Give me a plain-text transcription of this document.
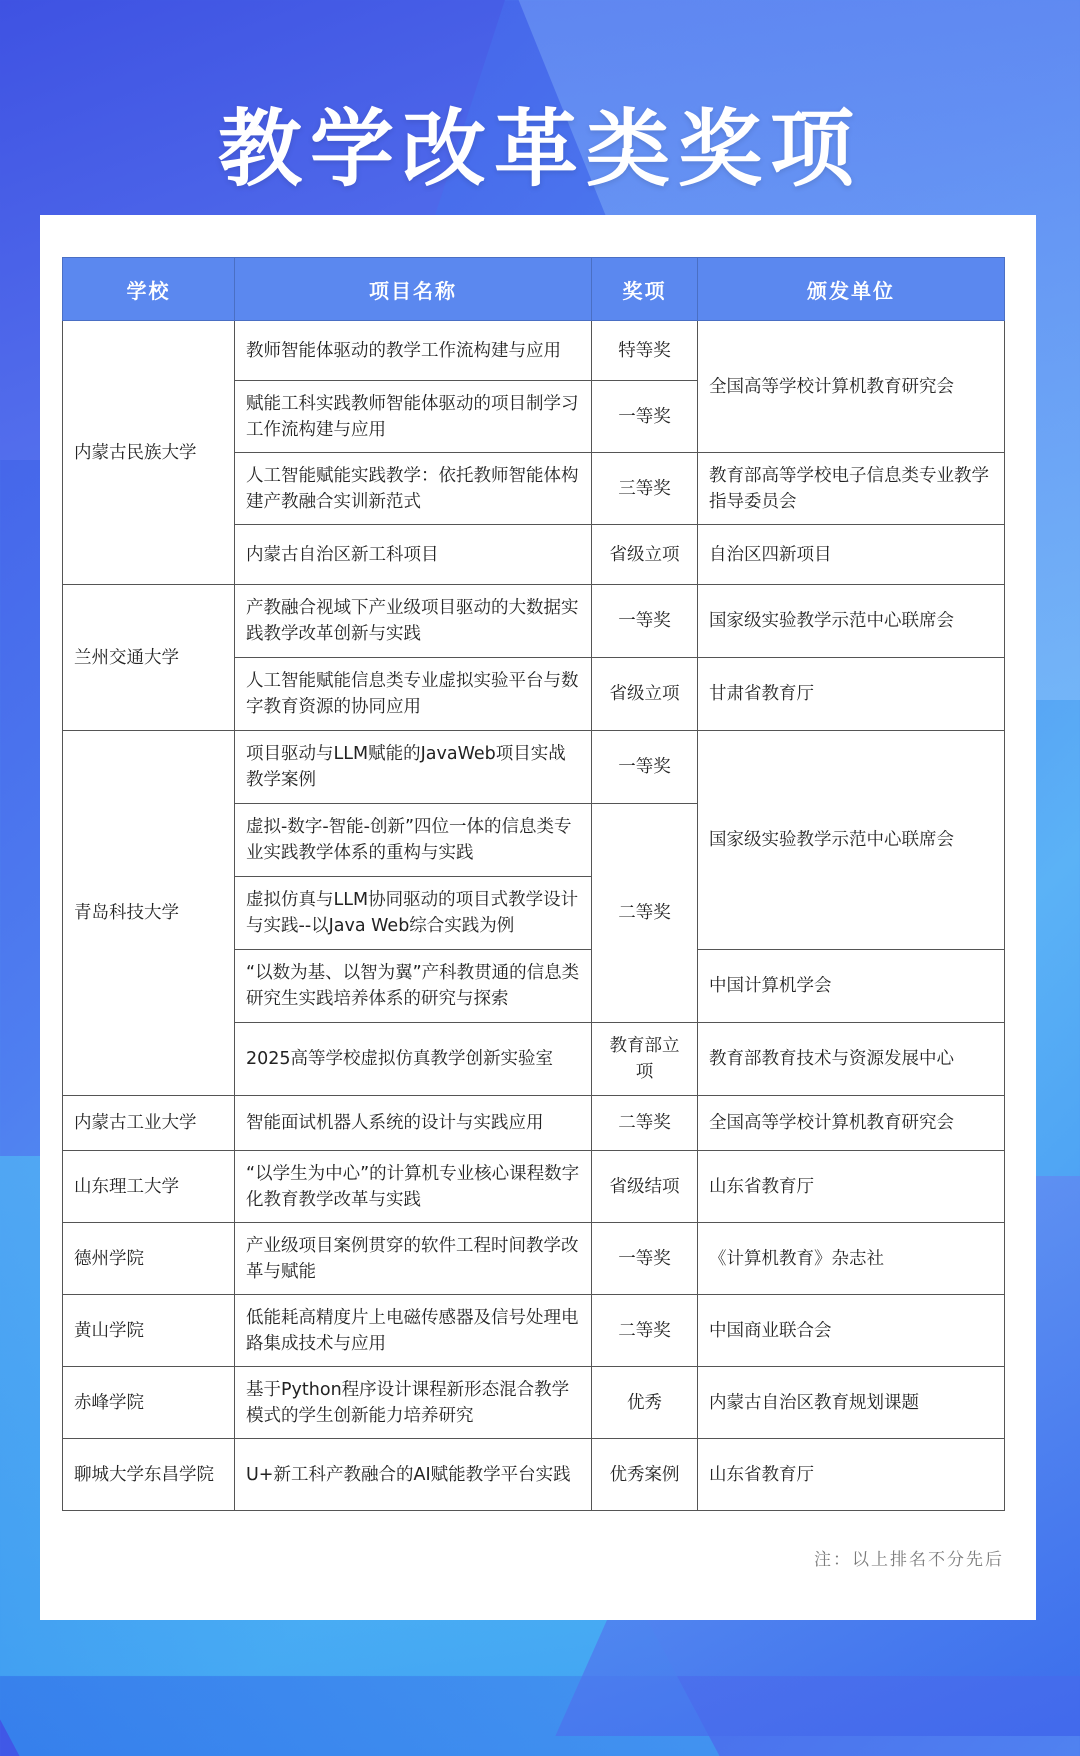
教学改革类奖项
学校	项目名称	奖项	颁发单位
内蒙古民族大学	教师智能体驱动的教学工作流构建与应用	特等奖	全国高等学校计算机教育研究会
	赋能工科实践教师智能体驱动的项目制学习工作流构建与应用	一等奖	
	人工智能赋能实践教学：依托教师智能体构建产教融合实训新范式	三等奖	教育部高等学校电子信息类专业教学指导委员会
	内蒙古自治区新工科项目	省级立项	自治区四新项目
兰州交通大学	产教融合视域下产业级项目驱动的大数据实践教学改革创新与实践	一等奖	国家级实验教学示范中心联席会
	人工智能赋能信息类专业虚拟实验平台与数字教育资源的协同应用	省级立项	甘肃省教育厅
青岛科技大学	项目驱动与LLM赋能的JavaWeb项目实战教学案例	一等奖	国家级实验教学示范中心联席会
	虚拟-数字-智能-创新”四位一体的信息类专业实践教学体系的重构与实践	二等奖	
	虚拟仿真与LLM协同驱动的项目式教学设计与实践--以Java Web综合实践为例		
	“以数为基、以智为翼”产科教贯通的信息类研究生实践培养体系的研究与探索		中国计算机学会
	2025高等学校虚拟仿真教学创新实验室	教育部立项	教育部教育技术与资源发展中心
内蒙古工业大学	智能面试机器人系统的设计与实践应用	二等奖	全国高等学校计算机教育研究会
山东理工大学	“以学生为中心”的计算机专业核心课程数字化教育教学改革与实践	省级结项	山东省教育厅
德州学院	产业级项目案例贯穿的软件工程时间教学改革与赋能	一等奖	《计算机教育》杂志社
黄山学院	低能耗高精度片上电磁传感器及信号处理电路集成技术与应用	二等奖	中国商业联合会
赤峰学院	基于Python程序设计课程新形态混合教学模式的学生创新能力培养研究	优秀	内蒙古自治区教育规划课题
聊城大学东昌学院	U+新工科产教融合的AI赋能教学平台实践	优秀案例	山东省教育厅
注：以上排名不分先后
